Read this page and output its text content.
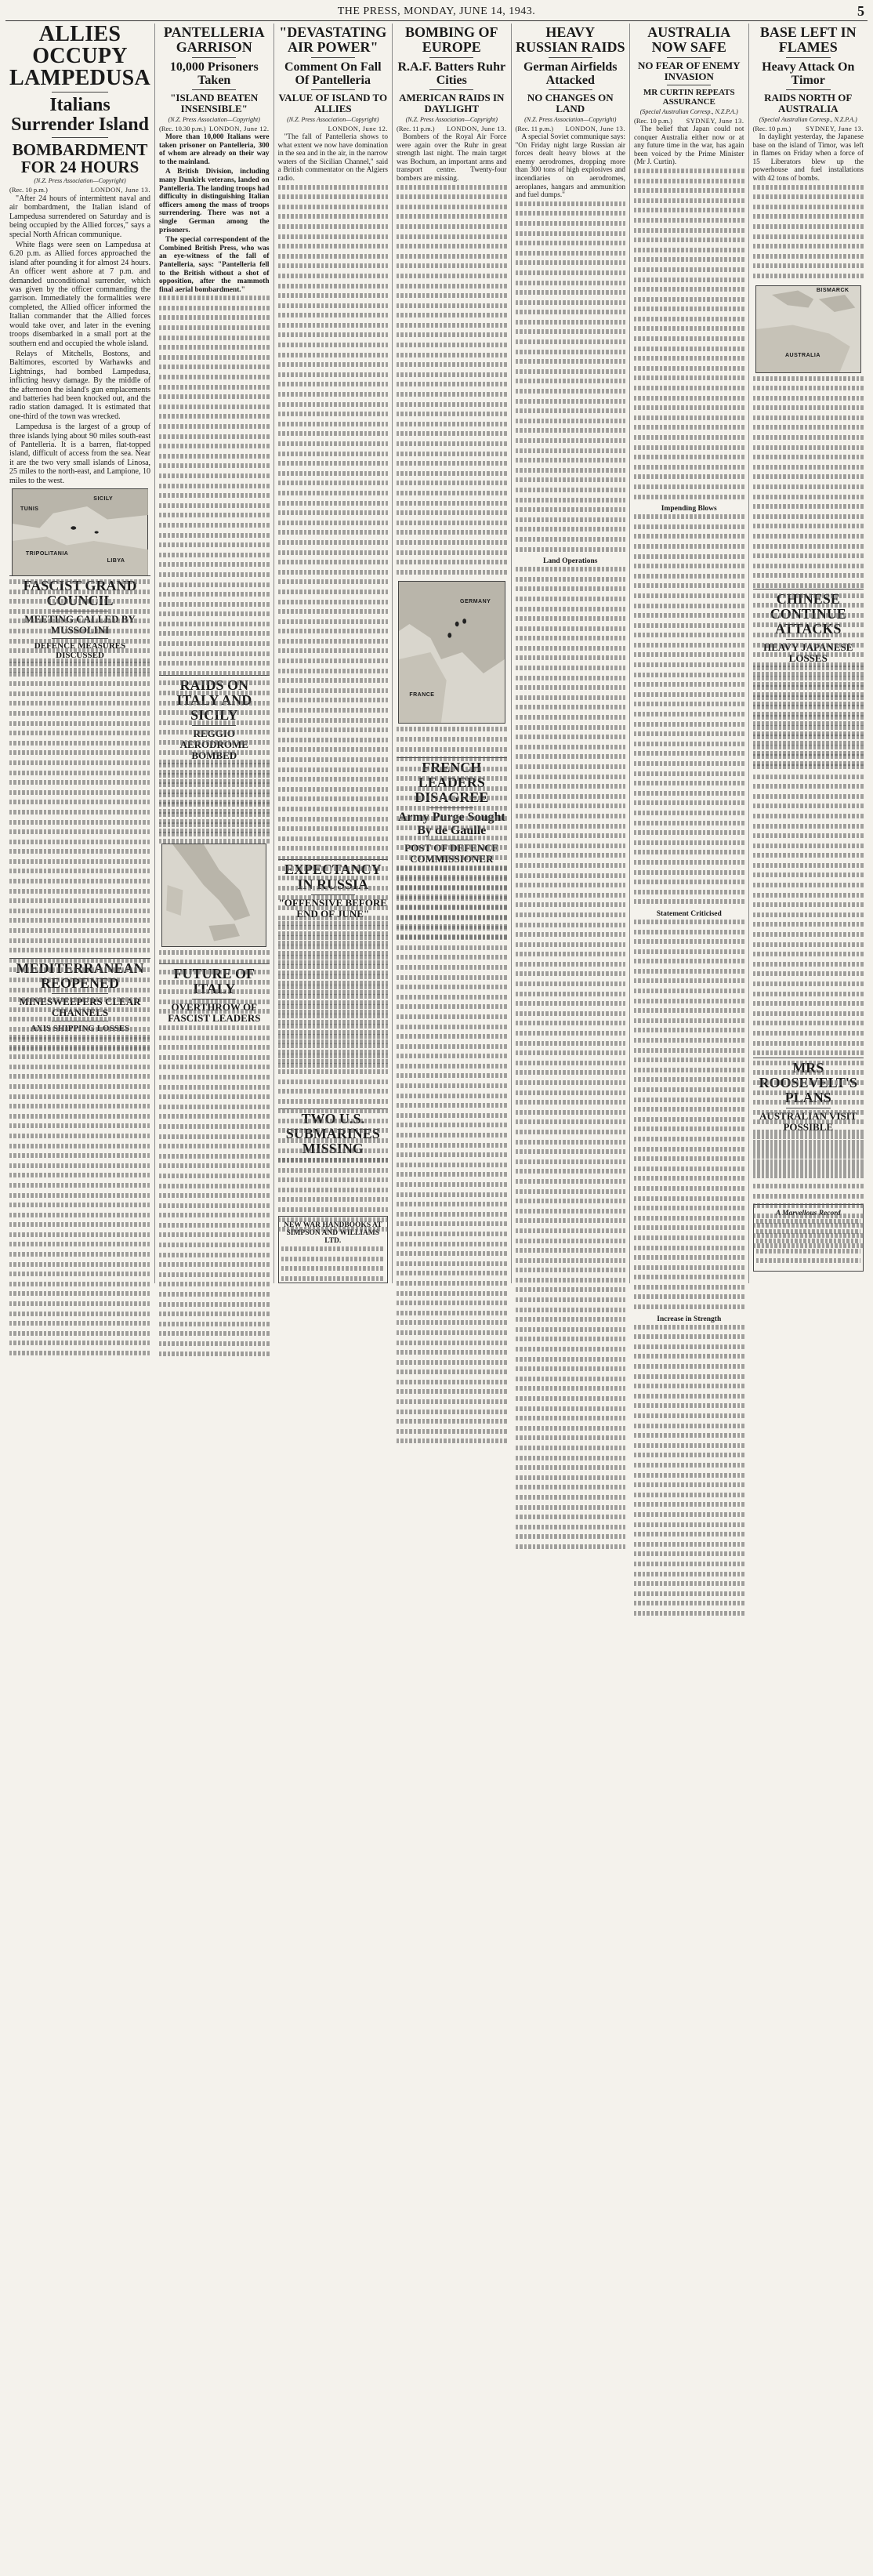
THE PRESS, MONDAY, JUNE 14, 1943.	5
ALLIES OCCUPY LAMPEDUSA
Italians Surrender Island
BOMBARDMENT FOR 24 HOURS
(N.Z. Press Association—Copyright)
(Rec. 10 p.m.)	LONDON, June 13.

"After 24 hours of intermittent naval and air bombardment, the Italian island of Lampedusa surrendered on Saturday and is being occupied by the Allied forces," says a special North African communique.

White flags were seen on Lampedusa at 6.20 p.m. as Allied forces approached the island after pounding it for almost 24 hours. An officer went ashore at 7 p.m. and demanded unconditional surrender, which was given by the officer commanding the garrison. Immediately the formalities were completed, the Allied officer informed the Italian commander that the Allied forces would take over, and later in the evening troops disembarked in a small port at the southern end and occupied the whole island.

Relays of Mitchells, Bostons, and Baltimores, escorted by Warhawks and Lightnings, had bombed Lampedusa, inflicting heavy damage. By the middle of the afternoon the island's gun emplacements and batteries had been knocked out, and the radio station damaged. It is estimated that one-third of the town was wrecked.

Lampedusa is the largest of a group of three islands lying about 90 miles south-east of Pantelleria. It is a barren, flat-topped island, difficult of access from the sea. Near it are the two very small islands of Linosa, 25 miles to the north-east, and Lampione, 10 miles to the west.

SICILY
TUNIS
TRIPOLITANIA
LIBYA
FASCIST GRAND COUNCIL
MEETING CALLED BY MUSSOLINI
DEFENCE MEASURES DISCUSSED
MEDITERRANEAN REOPENED
MINESWEEPERS CLEAR CHANNELS
AXIS SHIPPING LOSSES
PANTELLERIA GARRISON
10,000 Prisoners Taken
"ISLAND BEATEN INSENSIBLE"
(N.Z. Press Association—Copyright)
(Rec. 10.30 p.m.) LONDON, June 12.

More than 10,000 Italians were taken prisoner on Pantelleria, 300 of whom are already on their way to the mainland.

A British Division, including many Dunkirk veterans, landed on Pantelleria. The landing troops had difficulty in distinguishing Italian officers among the mass of troops surrendering. There was not a single German among the prisoners.

The special correspondent of the Combined British Press, who was an eye-witness of the fall of Pantelleria, says: "Pantelleria fell to the British without a shot of opposition, after the mammoth final aerial bombardment."

RAIDS ON ITALY AND SICILY
REGGIO AERODROME BOMBED
FUTURE OF ITALY
OVERTHROW OF FASCIST LEADERS
"DEVASTATING AIR POWER"
Comment On Fall Of Pantelleria
VALUE OF ISLAND TO ALLIES
(N.Z. Press Association—Copyright)
LONDON, June 12.

"The fall of Pantelleria shows to what extent we now have domination in the sea and in the air, in the narrow waters of the Sicilian Channel," said a British commentator on the Algiers radio.

EXPECTANCY IN RUSSIA
"OFFENSIVE BEFORE END OF JUNE"
TWO U.S. SUBMARINES MISSING
NEW WAR HANDBOOKS AT SIMPSON AND WILLIAMS LTD.
BOMBING OF EUROPE
R.A.F. Batters Ruhr Cities
AMERICAN RAIDS IN DAYLIGHT
(N.Z. Press Association—Copyright)
(Rec. 11 p.m.) LONDON, June 13.

Bombers of the Royal Air Force were again over the Ruhr in great strength last night. The main target was Bochum, an important arms and transport centre. Twenty-four bombers are missing.

GERMANY
FRANCE
FRENCH LEADERS DISAGREE
Army Purge Sought By de Gaulle
POST OF DEFENCE COMMISSIONER
HEAVY RUSSIAN RAIDS
German Airfields Attacked
NO CHANGES ON LAND
(N.Z. Press Association—Copyright)
(Rec. 11 p.m.) LONDON, June 13.

A special Soviet communique says: "On Friday night large Russian air forces dealt heavy blows at the enemy aerodromes, dropping more than 300 tons of high explosives and incendiaries on aerodromes, aeroplanes, hangars and ammunition and fuel dumps."

Land Operations
AUSTRALIA NOW SAFE
NO FEAR OF ENEMY INVASION
MR CURTIN REPEATS ASSURANCE
(Special Australian Corresp., N.Z.P.A.)
(Rec. 10 p.m.) SYDNEY, June 13.

The belief that Japan could not conquer Australia either now or at any future time in the war, has again been voiced by the Prime Minister (Mr J. Curtin).

Impending Blows
Statement Criticised
Increase in Strength
BASE LEFT IN FLAMES
Heavy Attack On Timor
RAIDS NORTH OF AUSTRALIA
(Special Australian Corresp., N.Z.P.A.)
(Rec. 10 p.m.) SYDNEY, June 13.

In daylight yesterday, the Japanese base on the island of Timor, was left in flames on Friday when a force of 15 Liberators blew up the powerhouse and fuel installations with 42 tons of bombs.

BISMARCK
AUSTRALIA
CHINESE CONTINUE ATTACKS
HEAVY JAPANESE LOSSES
MRS ROOSEVELT'S PLANS
AUSTRALIAN VISIT POSSIBLE
A Marvellous Record
